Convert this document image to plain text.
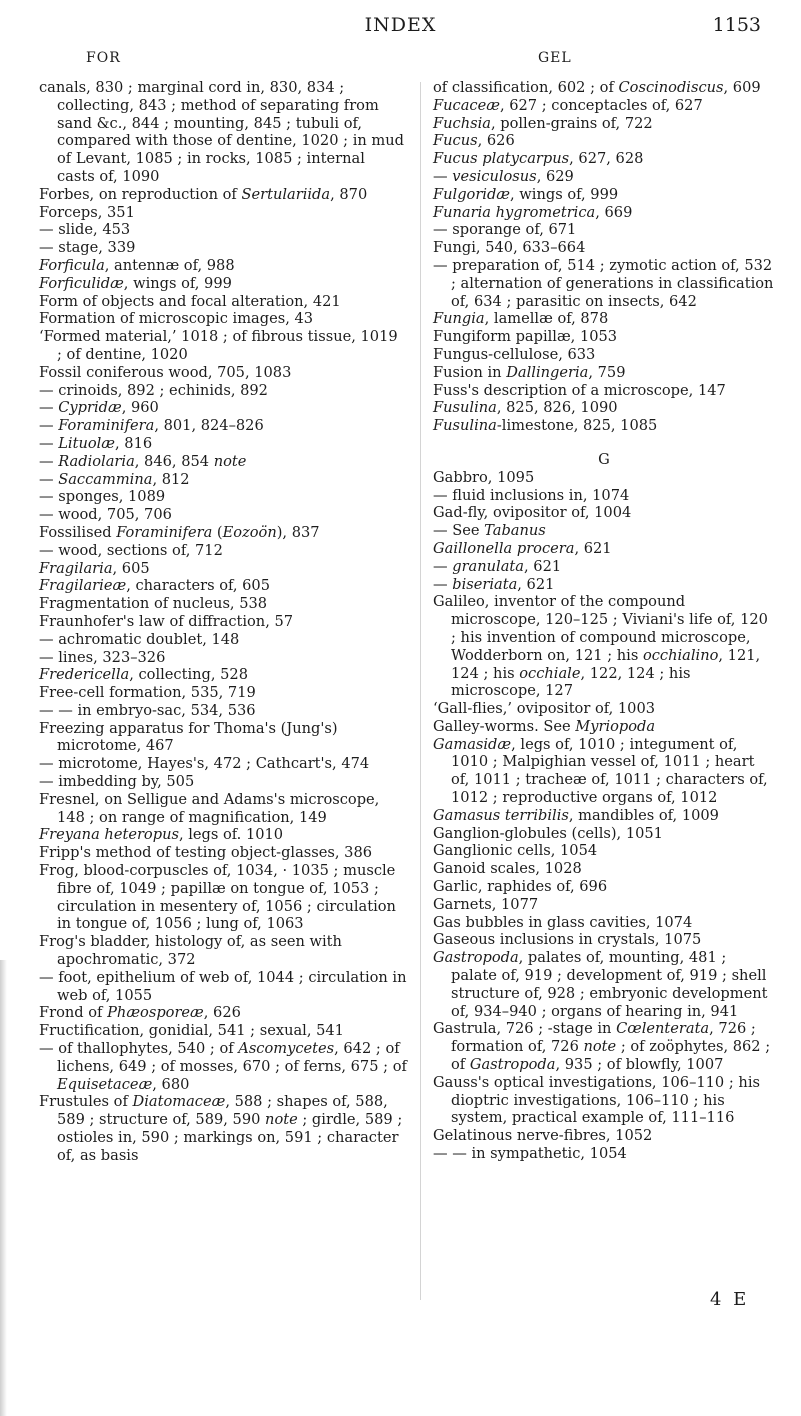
INDEX	1153
FOR	GEL

canals, 830 ; marginal cord in, 830, 834 ; collecting, 843 ; method of separating from sand &c., 844 ; mounting, 845 ; tubuli of, compared with those of dentine, 1020 ; in mud of Levant, 1085 ; in rocks, 1085 ; internal casts of, 1090

Forbes, on reproduction of Sertulariida, 870

Forceps, 351

— slide, 453

— stage, 339

Forficula, antennæ of, 988

Forficulidæ, wings of, 999

Form of objects and focal alteration, 421

Formation of microscopic images, 43

‘Formed material,’ 1018 ; of fibrous tissue, 1019 ; of dentine, 1020

Fossil coniferous wood, 705, 1083

— crinoids, 892 ; echinids, 892

— Cypridæ, 960

— Foraminifera, 801, 824–826

— Lituolæ, 816

— Radiolaria, 846, 854 note

— Saccammina, 812

— sponges, 1089

— wood, 705, 706

Fossilised Foraminifera (Eozoön), 837

— wood, sections of, 712

Fragilaria, 605

Fragilarieæ, characters of, 605

Fragmentation of nucleus, 538

Fraunhofer's law of diffraction, 57

— achromatic doublet, 148

— lines, 323–326

Fredericella, collecting, 528

Free-cell formation, 535, 719

— — in embryo-sac, 534, 536

Freezing apparatus for Thoma's (Jung's) microtome, 467

— microtome, Hayes's, 472 ; Cathcart's, 474

— imbedding by, 505

Fresnel, on Selligue and Adams's microscope, 148 ; on range of magnification, 149

Freyana heteropus, legs of. 1010

Fripp's method of testing object-glasses, 386

Frog, blood-corpuscles of, 1034, · 1035 ; muscle fibre of, 1049 ; papillæ on tongue of, 1053 ; circulation in mesentery of, 1056 ; circulation in tongue of, 1056 ; lung of, 1063

Frog's bladder, histology of, as seen with apochromatic, 372

— foot, epithelium of web of, 1044 ; circulation in web of, 1055

Frond of Phæosporeæ, 626

Fructification, gonidial, 541 ; sexual, 541

— of thallophytes, 540 ; of Ascomycetes, 642 ; of lichens, 649 ; of mosses, 670 ; of ferns, 675 ; of Equisetaceæ, 680

Frustules of Diatomaceæ, 588 ; shapes of, 588, 589 ; structure of, 589, 590 note ; girdle, 589 ; ostioles in, 590 ; markings on, 591 ; character of, as basis

of classification, 602 ; of Coscinodiscus, 609

Fucaceæ, 627 ; conceptacles of, 627

Fuchsia, pollen-grains of, 722

Fucus, 626

Fucus platycarpus, 627, 628

— vesiculosus, 629

Fulgoridæ, wings of, 999

Funaria hygrometrica, 669

— sporange of, 671

Fungi, 540, 633–664

— preparation of, 514 ; zymotic action of, 532 ; alternation of generations in classification of, 634 ; parasitic on insects, 642

Fungia, lamellæ of, 878

Fungiform papillæ, 1053

Fungus-cellulose, 633

Fusion in Dallingeria, 759

Fuss's description of a microscope, 147

Fusulina, 825, 826, 1090

Fusulina-limestone, 825, 1085

G

Gabbro, 1095

— fluid inclusions in, 1074

Gad-fly, ovipositor of, 1004

— See Tabanus

Gaillonella procera, 621

— granulata, 621

— biseriata, 621

Galileo, inventor of the compound microscope, 120–125 ; Viviani's life of, 120 ; his invention of compound microscope, Wodderborn on, 121 ; his occhialino, 121, 124 ; his occhiale, 122, 124 ; his microscope, 127

‘Gall-flies,’ ovipositor of, 1003

Galley-worms. See Myriopoda

Gamasidæ, legs of, 1010 ; integument of, 1010 ; Malpighian vessel of, 1011 ; heart of, 1011 ; tracheæ of, 1011 ; characters of, 1012 ; reproductive organs of, 1012

Gamasus terribilis, mandibles of, 1009

Ganglion-globules (cells), 1051

Ganglionic cells, 1054

Ganoid scales, 1028

Garlic, raphides of, 696

Garnets, 1077

Gas bubbles in glass cavities, 1074

Gaseous inclusions in crystals, 1075

Gastropoda, palates of, mounting, 481 ; palate of, 919 ; development of, 919 ; shell structure of, 928 ; embryonic development of, 934–940 ; organs of hearing in, 941

Gastrula, 726 ; -stage in Cœlenterata, 726 ; formation of, 726 note ; of zoöphytes, 862 ; of Gastropoda, 935 ; of blowfly, 1007

Gauss's optical investigations, 106–110 ; his dioptric investigations, 106–110 ; his system, practical example of, 111–116

Gelatinous nerve-fibres, 1052

— — in sympathetic, 1054

4 E
